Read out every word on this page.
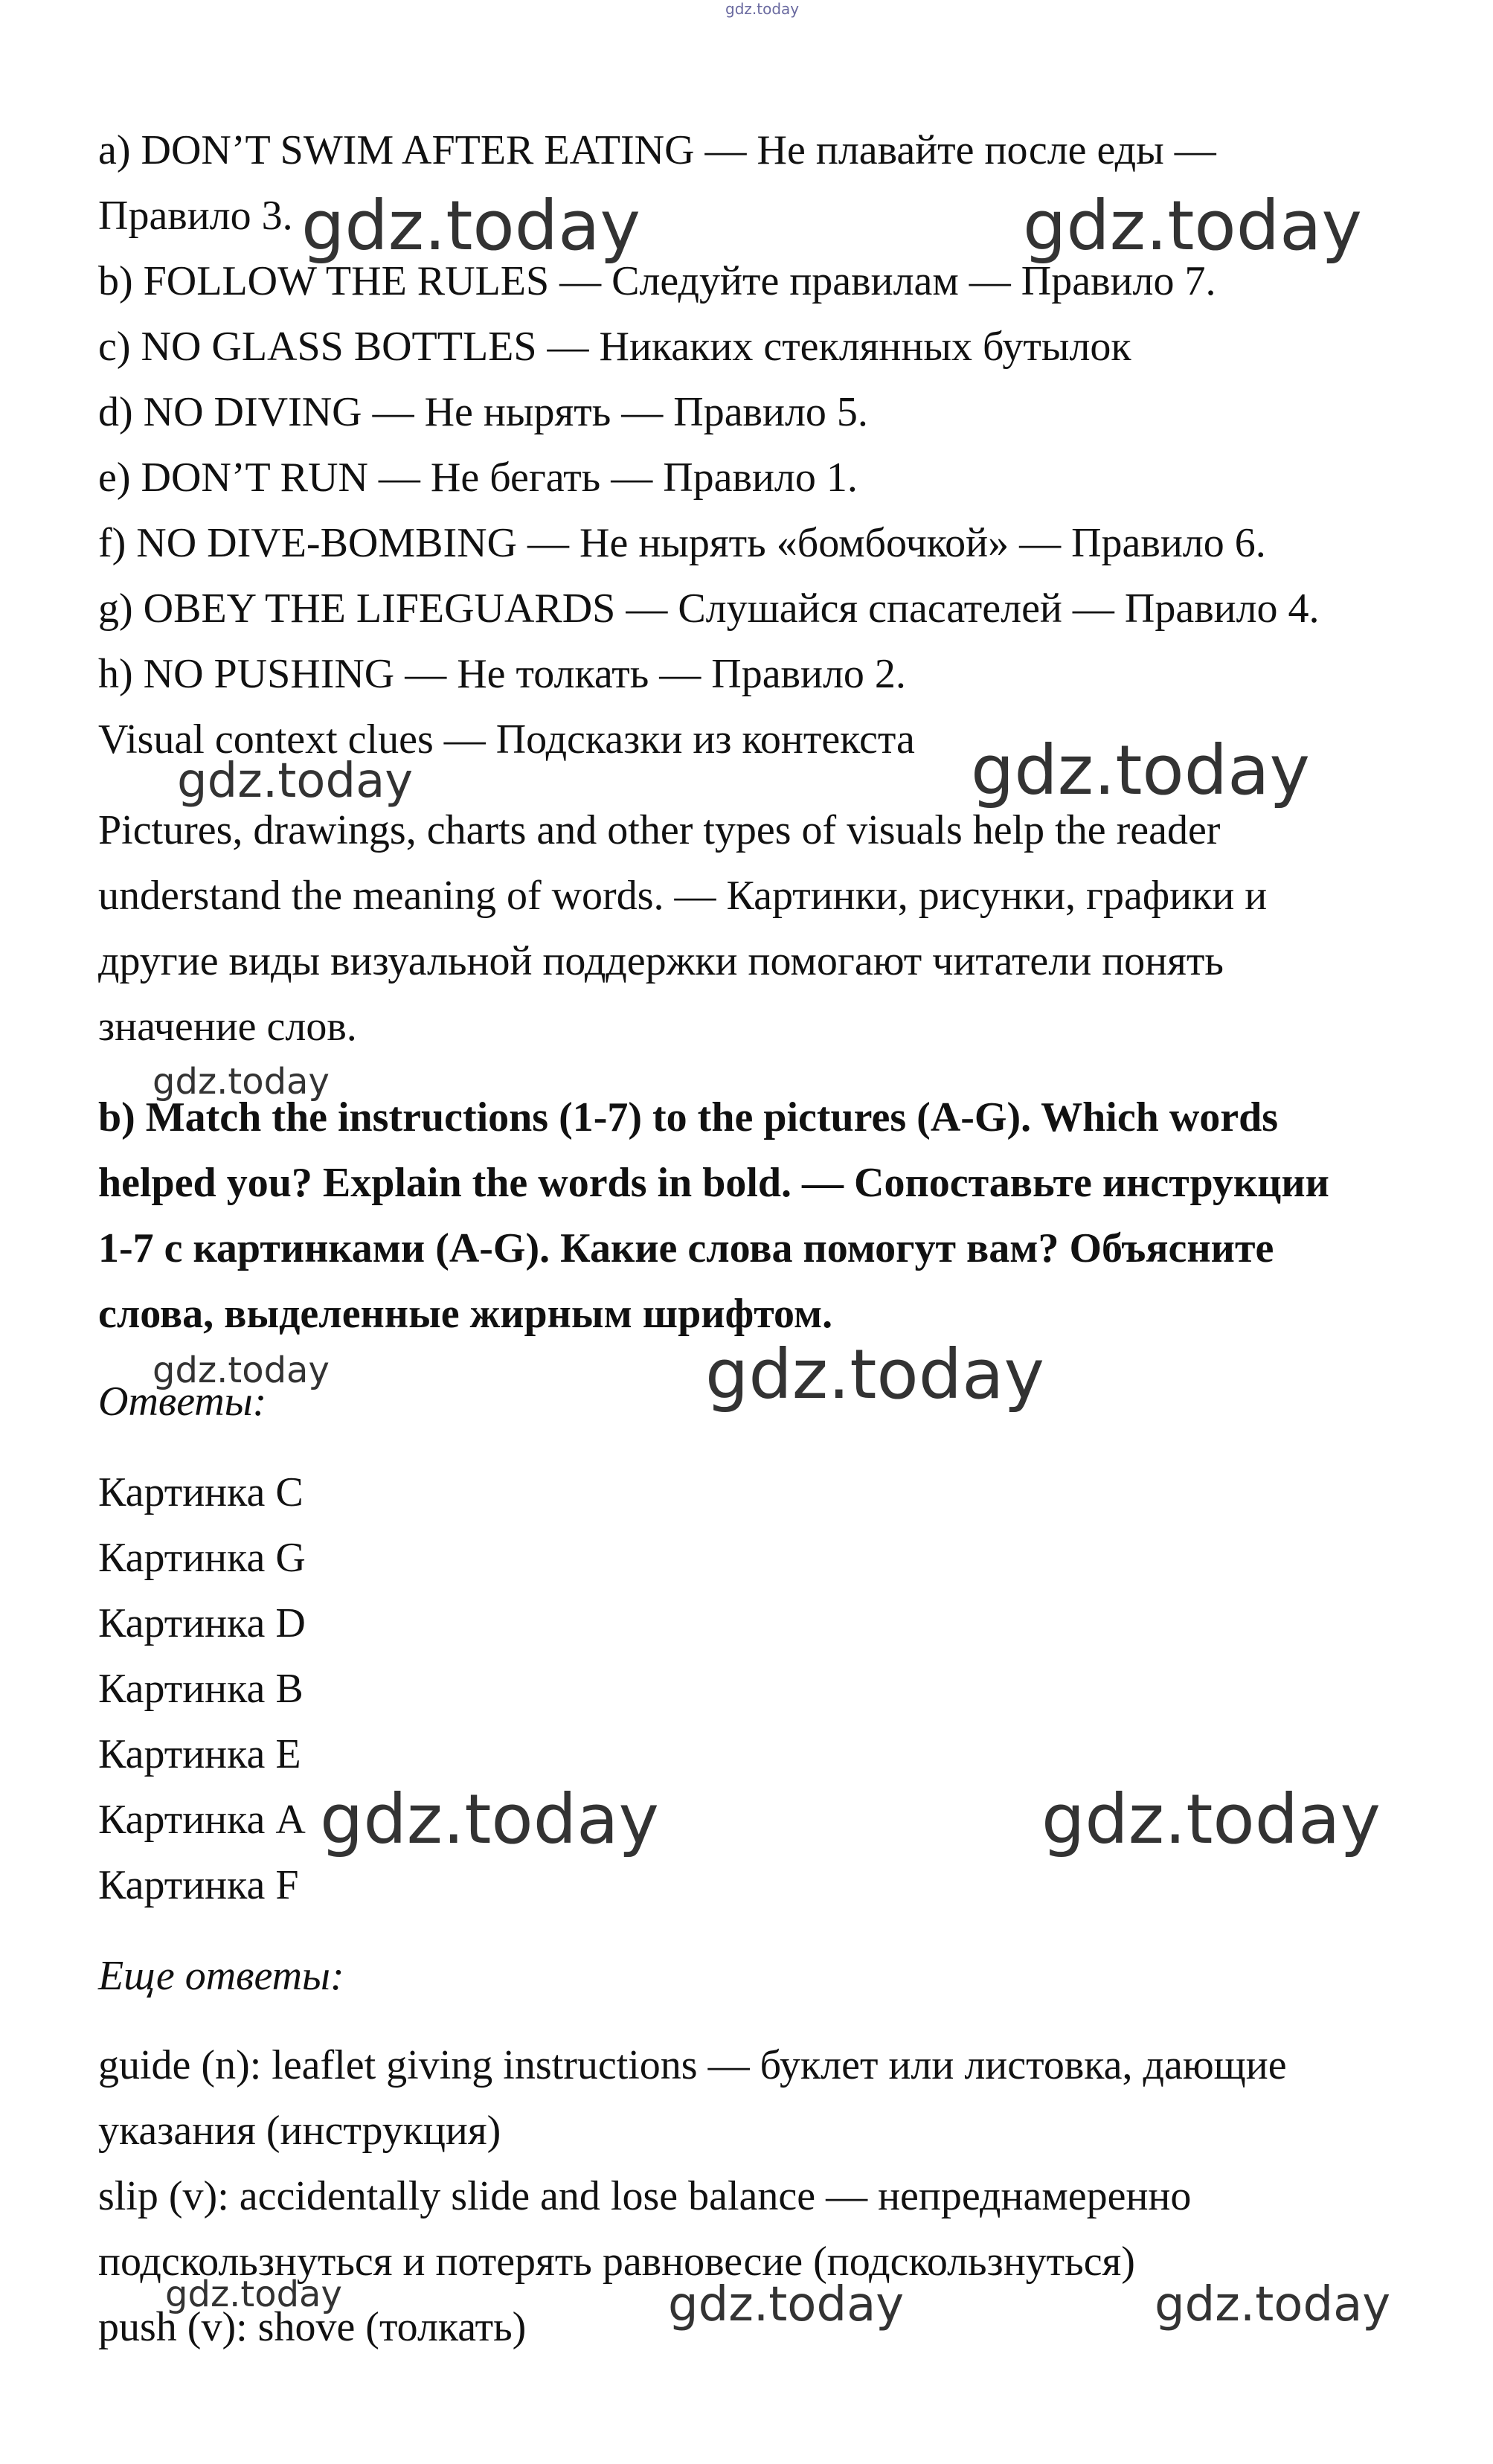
gdz.today
a) DON’T SWIM AFTER EATING — Не плавайте после еды —
Правило 3.
b) FOLLOW THE RULES — Следуйте правилам — Правило 7.
c) NO GLASS BOTTLES — Никаких стеклянных бутылок
d) NO DIVING — Не нырять — Правило 5.
e) DON’T RUN — Не бегать — Правило 1.
f) NO DIVE-BOMBING — Не нырять «бомбочкой» — Правило 6.
g) OBEY THE LIFEGUARDS — Слушайся спасателей — Правило 4.
h) NO PUSHING — Не толкать — Правило 2.
Visual context clues — Подсказки из контекста
Pictures, drawings, charts and other types of visuals help the reader
understand the meaning of words. — Картинки, рисунки, графики и
другие виды визуальной поддержки помогают читатели понять
значение слов.
b) Match the instructions (1-7) to the pictures (A-G). Which words
helped you? Explain the words in bold. — Сопоставьте инструкции
1-7 с картинками (A-G). Какие слова помогут вам? Объясните
слова, выделенные жирным шрифтом.
Ответы:
Картинка C
Картинка G
Картинка D
Картинка B
Картинка E
Картинка A
Картинка F
Еще ответы:
guide (n): leaflet giving instructions — буклет или листовка, дающие
указания (инструкция)
slip (v): accidentally slide and lose balance — непреднамеренно
подскользнуться и потерять равновесие (подскользнуться)
push (v): shove (толкать)
gdz.today	gdz.today
gdz.today	gdz.today
gdz.today
gdz.today	gdz.today
gdz.today	gdz.today
gdz.today	gdz.today	gdz.today
